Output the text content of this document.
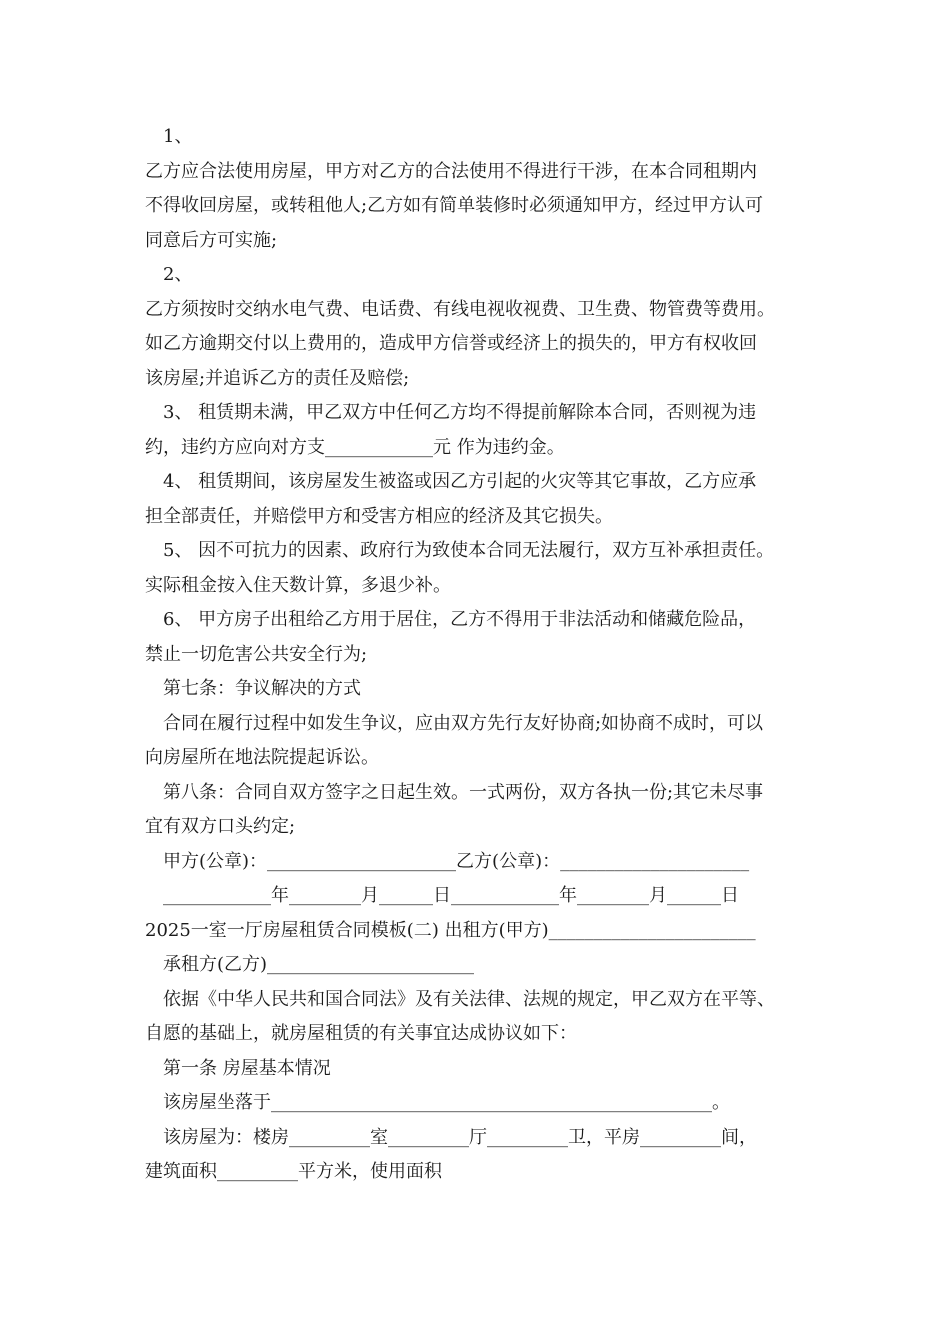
1、
乙方应合法使用房屋，甲方对乙方的合法使用不得进行干涉，在本合同租期内
不得收回房屋，或转租他人;乙方如有简单装修时必须通知甲方，经过甲方认可
同意后方可实施;
2、
乙方须按时交纳水电气费、电话费、有线电视收视费、卫生费、物管费等费用。
如乙方逾期交付以上费用的，造成甲方信誉或经济上的损失的，甲方有权收回
该房屋;并追诉乙方的责任及赔偿;
3、 租赁期未满，甲乙双方中任何乙方均不得提前解除本合同，否则视为违
约，违约方应向对方支____________元 作为违约金。
4、 租赁期间，该房屋发生被盗或因乙方引起的火灾等其它事故，乙方应承
担全部责任，并赔偿甲方和受害方相应的经济及其它损失。
5、 因不可抗力的因素、政府行为致使本合同无法履行，双方互补承担责任。
实际租金按入住天数计算，多退少补。
6、 甲方房子出租给乙方用于居住，乙方不得用于非法活动和储藏危险品，
禁止一切危害公共安全行为;
第七条：争议解决的方式
合同在履行过程中如发生争议，应由双方先行友好协商;如协商不成时，可以
向房屋所在地法院提起诉讼。
第八条：合同自双方签字之日起生效。一式两份，双方各执一份;其它未尽事
宜有双方口头约定;
甲方(公章)：_____________________乙方(公章)：_____________________
____________年________月______日____________年________月______日
2025一室一厅房屋租赁合同模板(二) 出租方(甲方)_______________________
承租方(乙方)_______________________
依据《中华人民共和国合同法》及有关法律、法规的规定，甲乙双方在平等、
自愿的基础上，就房屋租赁的有关事宜达成协议如下：
第一条 房屋基本情况
该房屋坐落于_________________________________________________。
该房屋为：楼房_________室_________厅_________卫，平房_________间，
建筑面积_________平方米，使用面积
